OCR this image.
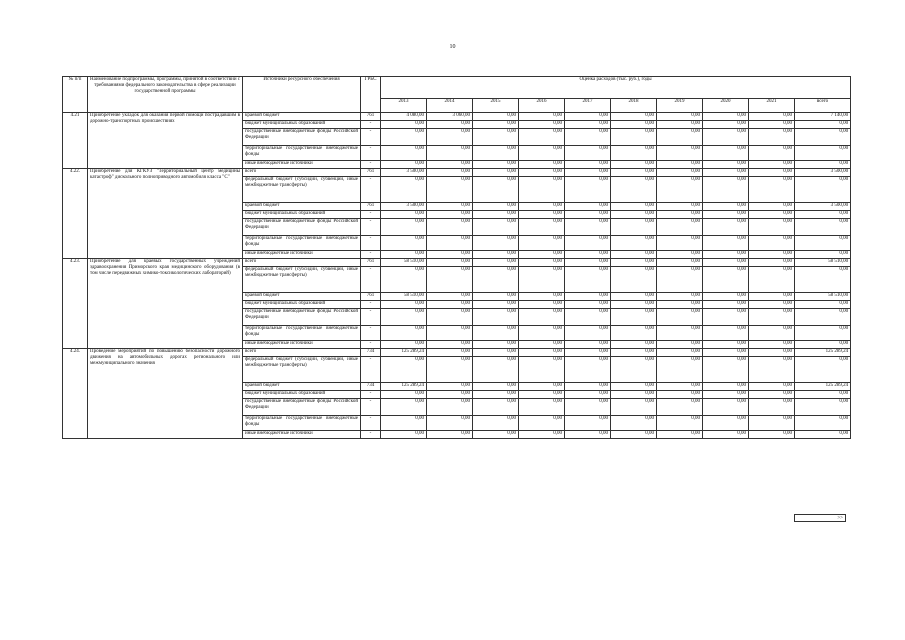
10
№ п/п	Наименование подпрограммы, программы, принятой в соответствии с требованиями федерального законодательства в сфере реализации государственной программы	Источники ресурсного обеспечения	ГРБС	Оценка расходов (тыс. руб.), годы									
				2013	2014	2015	2016	2017	2018	2019	2020	2021	всего
4.21	Приобретение укладок для оказания первой помощи пострадавшим в дорожно-транспортных происшествиях	краевой бюджет	761	4 080,00	3 060,00	0,00	0,00	0,00	0,00	0,00	0,00	0,00	7 140,00
		бюджет муниципальных образований	-	0,00	0,00	0,00	0,00	0,00	0,00	0,00	0,00	0,00	0,00
		государственные внебюджетные фонды Российской Федерации	-	0,00	0,00	0,00	0,00	0,00	0,00	0,00	0,00	0,00	0,00
		территориальные государственные внебюджетные фонды	-	0,00	0,00	0,00	0,00	0,00	0,00	0,00	0,00	0,00	0,00
		иные внебюджетные источники	-	0,00	0,00	0,00	0,00	0,00	0,00	0,00	0,00	0,00	0,00
4.22.	Приобретение для КГКУЗ "Территориальный центр медицины катастроф" дискольного полноприводного автомобиля класса "С"	всего	761	3 500,00	0,00	0,00	0,00	0,00	0,00	0,00	0,00	0,00	3 500,00
		федеральный бюджет (субсидии, субвенции, иные межбюджетные трансферты)	-	0,00	0,00	0,00	0,00	0,00	0,00	0,00	0,00	0,00	0,00
		краевой бюджет	761	3 500,00	0,00	0,00	0,00	0,00	0,00	0,00	0,00	0,00	3 500,00
		бюджет муниципальных образований	-	0,00	0,00	0,00	0,00	0,00	0,00	0,00	0,00	0,00	0,00
		государственные внебюджетные фонды Российской Федерации	-	0,00	0,00	0,00	0,00	0,00	0,00	0,00	0,00	0,00	0,00
		территориальные государственные внебюджетные фонды	-	0,00	0,00	0,00	0,00	0,00	0,00	0,00	0,00	0,00	0,00
		иные внебюджетные источники	-	0,00	0,00	0,00	0,00	0,00	0,00	0,00	0,00	0,00	0,00
4.23.	Приобретение для краевых государственных учреждений здравоохранения Приморского края медицинского оборудования (в том числе передвижных химико-токсикологических лабораторий)	всего	761	58 510,00	0,00	0,00	0,00	0,00	0,00	0,00	0,00	0,00	58 510,00
		федеральный бюджет (субсидии, субвенции, иные межбюджетные трансферты)	-	0,00	0,00	0,00	0,00	0,00	0,00	0,00	0,00	0,00	0,00
		краевой бюджет	761	58 510,00	0,00	0,00	0,00	0,00	0,00	0,00	0,00	0,00	58 510,00
		бюджет муниципальных образований	-	0,00	0,00	0,00	0,00	0,00	0,00	0,00	0,00	0,00	0,00
		государственные внебюджетные фонды Российской Федерации	-	0,00	0,00	0,00	0,00	0,00	0,00	0,00	0,00	0,00	0,00
		территориальные государственные внебюджетные фонды	-	0,00	0,00	0,00	0,00	0,00	0,00	0,00	0,00	0,00	0,00
		иные внебюджетные источники	-	0,00	0,00	0,00	0,00	0,00	0,00	0,00	0,00	0,00	0,00
4.24.	Проведение мероприятий по повышению безопасности дорожного движения на автомобильных дорогах регионального или межмуниципального значения	всего	734	125 289,24	0,00	0,00	0,00	0,00	0,00	0,00	0,00	0,00	125 289,24
		федеральный бюджет (субсидии, субвенции, иные межбюджетные трансферты)	-	0,00	0,00	0,00	0,00	0,00	0,00	0,00	0,00	0,00	0,00
		краевой бюджет	734	125 289,24	0,00	0,00	0,00	0,00	0,00	0,00	0,00	0,00	125 289,24
		бюджет муниципальных образований	-	0,00	0,00	0,00	0,00	0,00	0,00	0,00	0,00	0,00	0,00
		государственные внебюджетные фонды Российской Федерации	-	0,00	0,00	0,00	0,00	0,00	0,00	0,00	0,00	0,00	0,00
		территориальные государственные внебюджетные фонды	-	0,00	0,00	0,00	0,00	0,00	0,00	0,00	0,00	0,00	0,00
		иные внебюджетные источники	-	0,00	0,00	0,00	0,00	0,00	0,00	0,00	0,00	0,00	0,00
>>
